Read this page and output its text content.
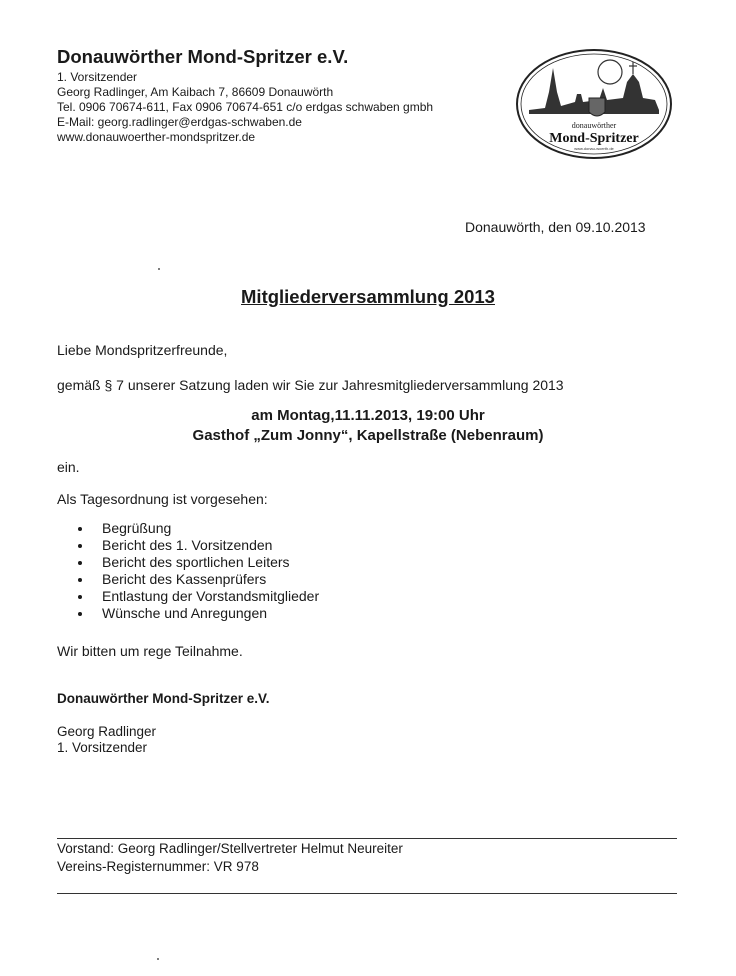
Donauwörther Mond-Spritzer e.V.
1. Vorsitzender
Georg Radlinger, Am Kaibach 7, 86609 Donauwörth
Tel. 0906 70674-611, Fax 0906 70674-651 c/o erdgas schwaben gmbh
E-Mail: georg.radlinger@erdgas-schwaben.de
www.donauwoerther-mondspritzer.de
donauwörther
Mond-Spritzer
www.donau-woerth.de
Donauwörth, den 09.10.2013
Mitgliederversammlung 2013
Liebe Mondspritzerfreunde,
gemäß § 7 unserer Satzung laden wir Sie zur Jahresmitgliederversammlung 2013
am Montag,11.11.2013, 19:00 Uhr
Gasthof „Zum Jonny“, Kapellstraße (Nebenraum)
ein.
Als Tagesordnung ist vorgesehen:
Begrüßung
Bericht des 1. Vorsitzenden
Bericht des sportlichen Leiters
Bericht des Kassenprüfers
Entlastung der Vorstandsmitglieder
Wünsche und Anregungen
Wir bitten um rege Teilnahme.
Donauwörther Mond-Spritzer e.V.
Georg Radlinger
1. Vorsitzender
Vorstand: Georg Radlinger/Stellvertreter Helmut Neureiter
Vereins-Registernummer: VR 978
